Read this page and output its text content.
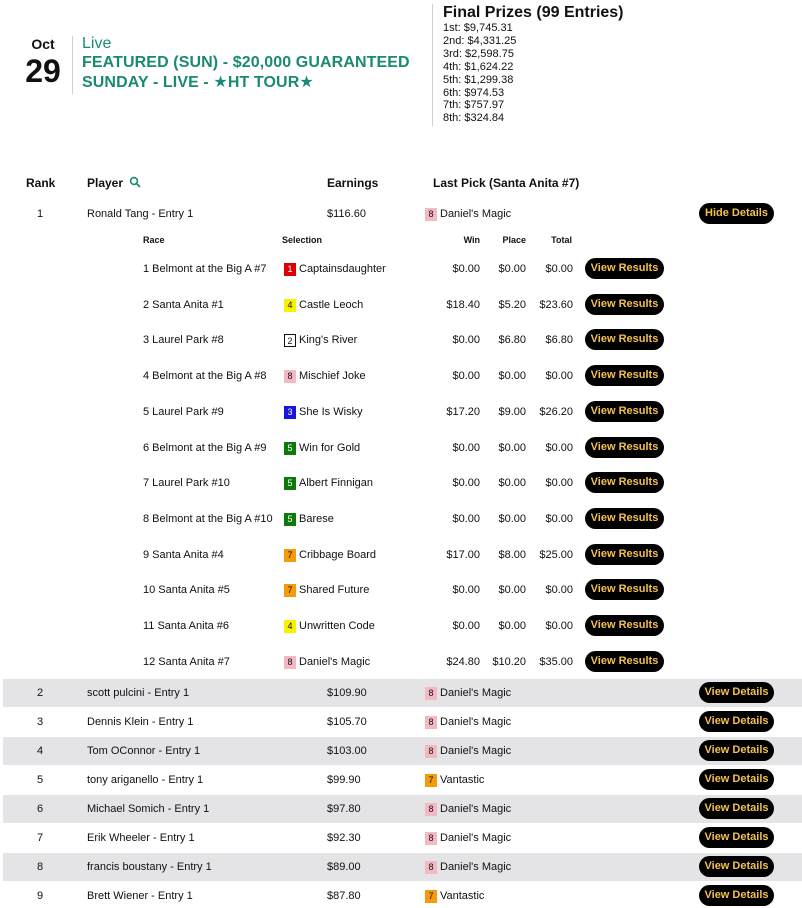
Oct
29
Live
FEATURED (SUN) - $20,000 GUARANTEED SUNDAY - LIVE - ★HT TOUR★
Final Prizes (99 Entries)
1st: $9,745.31
2nd: $4,331.25
3rd: $2,598.75
4th: $1,624.22
5th: $1,299.38
6th: $974.53
7th: $757.97
8th: $324.84
Rank	Player	Earnings	Last Pick (Santa Anita #7)
1	Ronald Tang - Entry 1	$116.60	8 Daniel's Magic	Hide Details
Race	Selection	Win	Place	Total
1 Belmont at the Big A #7	1 Captainsdaughter	$0.00	$0.00	$0.00	View Results
2 Santa Anita #1	4 Castle Leoch	$18.40	$5.20	$23.60	View Results
3 Laurel Park #8	2 King's River	$0.00	$6.80	$6.80	View Results
4 Belmont at the Big A #8	8 Mischief Joke	$0.00	$0.00	$0.00	View Results
5 Laurel Park #9	3 She Is Wisky	$17.20	$9.00	$26.20	View Results
6 Belmont at the Big A #9	5 Win for Gold	$0.00	$0.00	$0.00	View Results
7 Laurel Park #10	5 Albert Finnigan	$0.00	$0.00	$0.00	View Results
8 Belmont at the Big A #10	5 Barese	$0.00	$0.00	$0.00	View Results
9 Santa Anita #4	7 Cribbage Board	$17.00	$8.00	$25.00	View Results
10 Santa Anita #5	7 Shared Future	$0.00	$0.00	$0.00	View Results
11 Santa Anita #6	4 Unwritten Code	$0.00	$0.00	$0.00	View Results
12 Santa Anita #7	8 Daniel's Magic	$24.80	$10.20	$35.00	View Results
2	scott pulcini - Entry 1	$109.90	8 Daniel's Magic	View Details
3	Dennis Klein - Entry 1	$105.70	8 Daniel's Magic	View Details
4	Tom OConnor - Entry 1	$103.00	8 Daniel's Magic	View Details
5	tony ariganello - Entry 1	$99.90	7 Vantastic	View Details
6	Michael Somich - Entry 1	$97.80	8 Daniel's Magic	View Details
7	Erik Wheeler - Entry 1	$92.30	8 Daniel's Magic	View Details
8	francis boustany - Entry 1	$89.00	8 Daniel's Magic	View Details
9	Brett Wiener - Entry 1	$87.80	7 Vantastic	View Details
